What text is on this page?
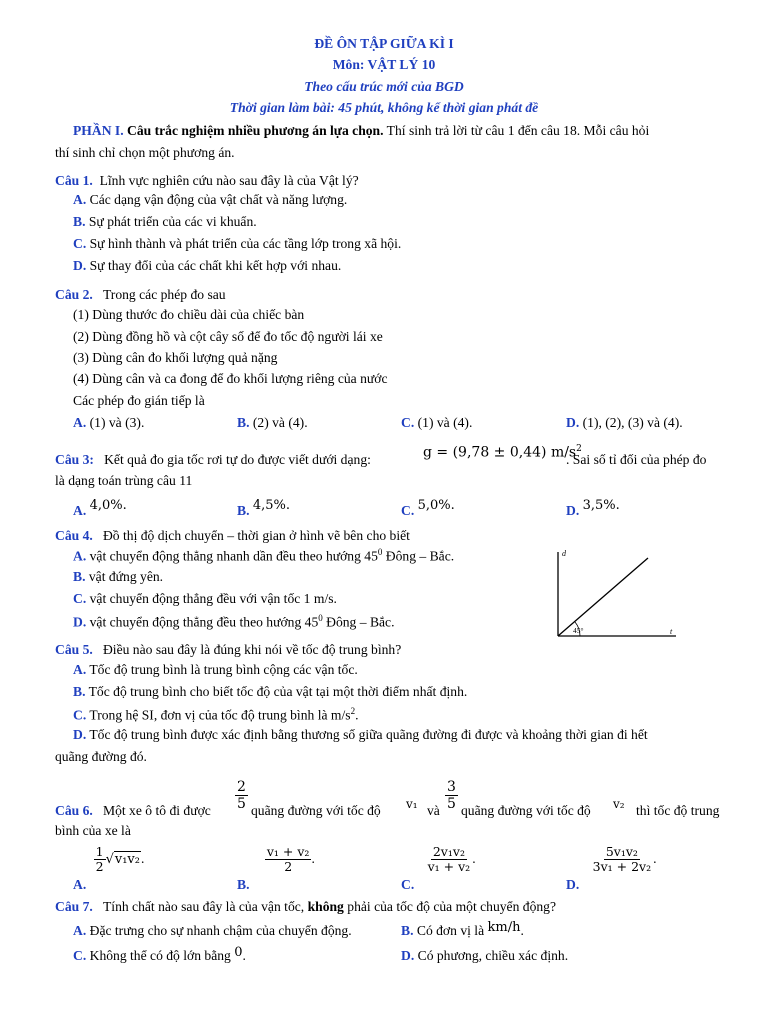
ĐỀ ÔN TẬP GIỮA KÌ I
Môn: VẬT LÝ 10
Theo cấu trúc mới của BGD
Thời gian làm bài: 45 phút, không kể thời gian phát đề
PHẦN I. Câu trắc nghiệm nhiều phương án lựa chọn. Thí sinh trả lời từ câu 1 đến câu 18. Mỗi câu hỏi
thí sinh chỉ chọn một phương án.
Câu 1. Lĩnh vực nghiên cứu nào sau đây là của Vật lý?
A. Các dạng vận động của vật chất và năng lượng.
B. Sự phát triển của các vi khuẩn.
C. Sự hình thành và phát triển của các tầng lớp trong xã hội.
D. Sự thay đổi của các chất khi kết hợp với nhau.
Câu 2. Trong các phép đo sau
(1) Dùng thước đo chiều dài của chiếc bàn
(2) Dùng đồng hồ và cột cây số để đo tốc độ người lái xe
(3) Dùng cân đo khối lượng quả nặng
(4) Dùng cân và ca đong để đo khối lượng riêng của nước
Các phép đo gián tiếp là
A. (1) và (3).	B. (2) và (4).	C. (1) và (4).	D. (1), (2), (3) và (4).
Câu 3: Kết quả đo gia tốc rơi tự do được viết dưới dạng:	g = (9,78 ± 0,44) $m/s^2$
. Sai số tỉ đối của phép đo
là dạng toán trùng câu 11
A. 4,0%.	B. 4,5%.	C. 5,0%.	D. 3,5%.
Câu 4. Đồ thị độ dịch chuyển – thời gian ở hình vẽ bên cho biết
A. vật chuyển động thẳng nhanh dần đều theo hướng $45^0$ Đông – Bắc.
B. vật đứng yên.
C. vật chuyển động thẳng đều với vận tốc 1 m/s.
D. vật chuyển động thẳng đều theo hướng $45^0$ Đông – Bắc.
d
t
45°
Câu 5. Điều nào sau đây là đúng khi nói về tốc độ trung bình?
A. Tốc độ trung bình là trung bình cộng các vận tốc.
B. Tốc độ trung bình cho biết tốc độ của vật tại một thời điểm nhất định.
C. Trong hệ SI, đơn vị của tốc độ trung bình là $m/s^2$.
D. Tốc độ trung bình được xác định bằng thương số giữa quãng đường đi được và khoảng thời gian đi hết
quãng đường đó.
Câu 6. Một xe ô tô đi được $\frac{2}{5}$ quãng đường với tốc độ v₁ và $\frac{3}{5}$ quãng đường với tốc độ v₂ thì tốc độ trung
bình của xe là
A.
$\frac{1}{2} √v_1v_2$.
B.
$\frac{\text{v₁ + v₂}}{2}$ .
C.
$\frac{\text{2v₁v₂}}{\text{v₁ + v₂}}$ .
D.
$\frac{\text{5v₁v₂}}{\text{3v₁ + 2v₂}}$ .
Câu 7. Tính chất nào sau đây là của vận tốc, không phải của tốc độ của một chuyển động?
A. Đặc trưng cho sự nhanh chậm của chuyển động.	B. Có đơn vị là km/h.
C. Không thể có độ lớn bằng 0.	D. Có phương, chiều xác định.
